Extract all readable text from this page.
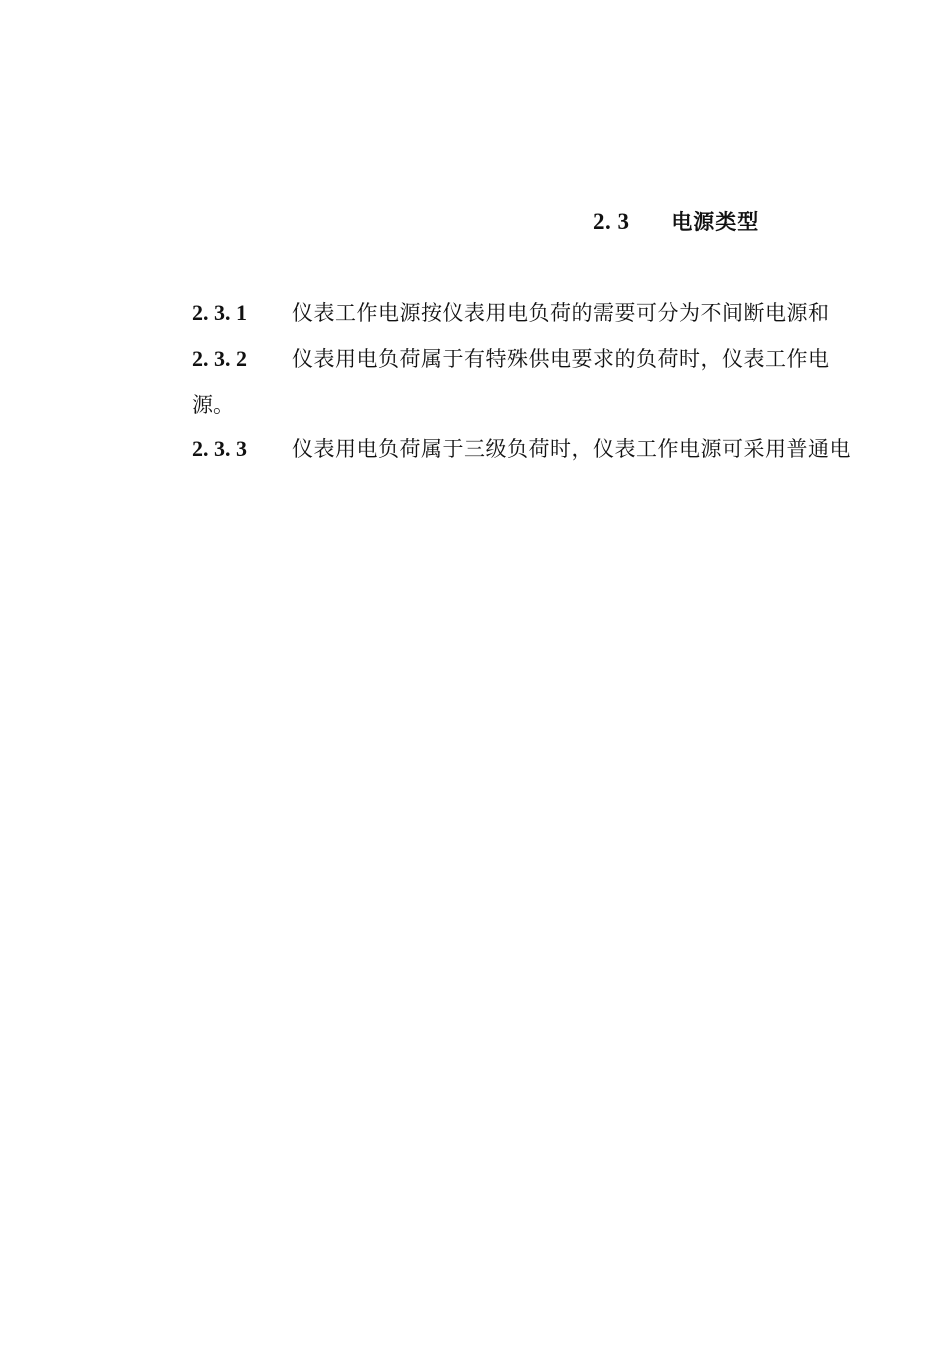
2. 3 电源类型
2. 3. 1 仪表工作电源按仪表用电负荷的需要可分为不间断电源和
2. 3. 2 仪表用电负荷属于有特殊供电要求的负荷时，仪表工作电
源。
2. 3. 3 仪表用电负荷属于三级负荷时，仪表工作电源可采用普通电
